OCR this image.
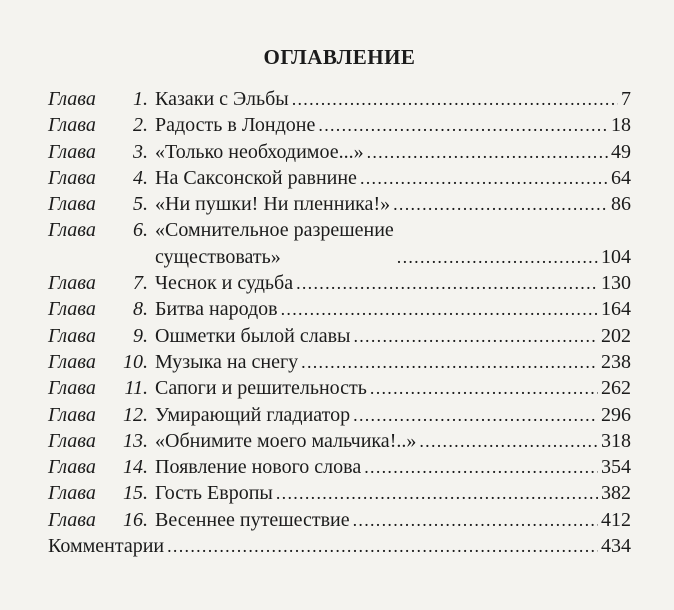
ОГЛАВЛЕНИЕ
Глава	1. Казаки с Эльбы . . .	7
Глава	2. Радость в Лондоне . . .	18
Глава	3. «Только необходимое...» . . .	49
Глава	4. На Саксонской равнине . . .	64
Глава	5. «Ни пушки! Ни пленника!» . . .	86
Глава	6. «Сомнительное разрешение
существовать» . . .	104
Глава	7. Чеснок и судьба . . .	130
Глава	8. Битва народов . . .	164
Глава	9. Ошметки былой славы . . .	202
Глава	10. Музыка на снегу . . .	238
Глава	11. Сапоги и решительность . . .	262
Глава	12. Умирающий гладиатор . . .	296
Глава	13. «Обнимите моего мальчика!..» . . .	318
Глава	14. Появление нового слова . . .	354
Глава	15. Гость Европы . . .	382
Глава	16. Весеннее путешествие . . .	412
Комментарии . . .	434
